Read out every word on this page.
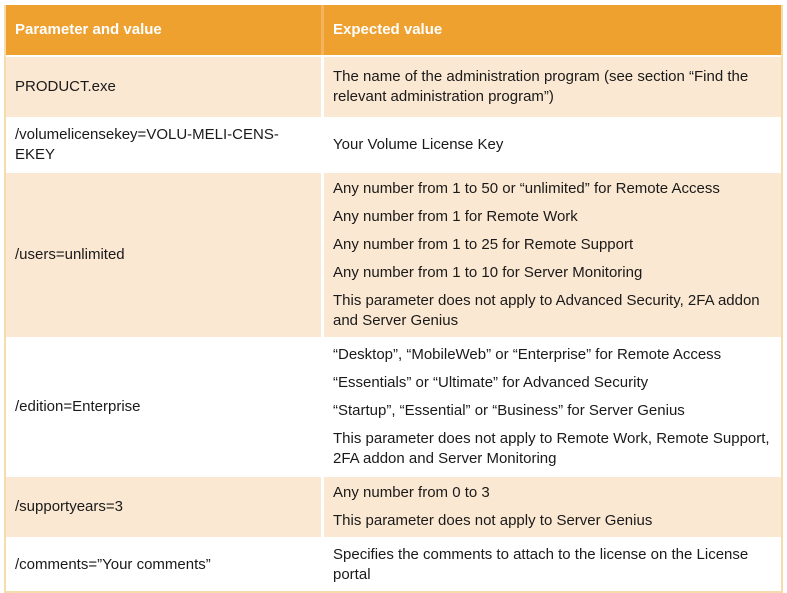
Parameter and value	Expected value
PRODUCT.exe

The name of the administration program (see section “Find the relevant administration program”)

/volumelicensekey=VOLU-MELI-CENS-EKEY

Your Volume License Key

/users=unlimited

Any number from 1 to 50 or “unlimited” for Remote Access

Any number from 1 for Remote Work

Any number from 1 to 25 for Remote Support

Any number from 1 to 10 for Server Monitoring

This parameter does not apply to Advanced Security, 2FA addon and Server Genius

/edition=Enterprise

“Desktop”, “MobileWeb” or “Enterprise” for Remote Access

“Essentials” or “Ultimate” for Advanced Security

“Startup”, “Essential” or “Business” for Server Genius

This parameter does not apply to Remote Work, Remote Support, 2FA addon and Server Monitoring

/supportyears=3

Any number from 0 to 3

This parameter does not apply to Server Genius

/comments=”Your comments”

Specifies the comments to attach to the license on the License portal
